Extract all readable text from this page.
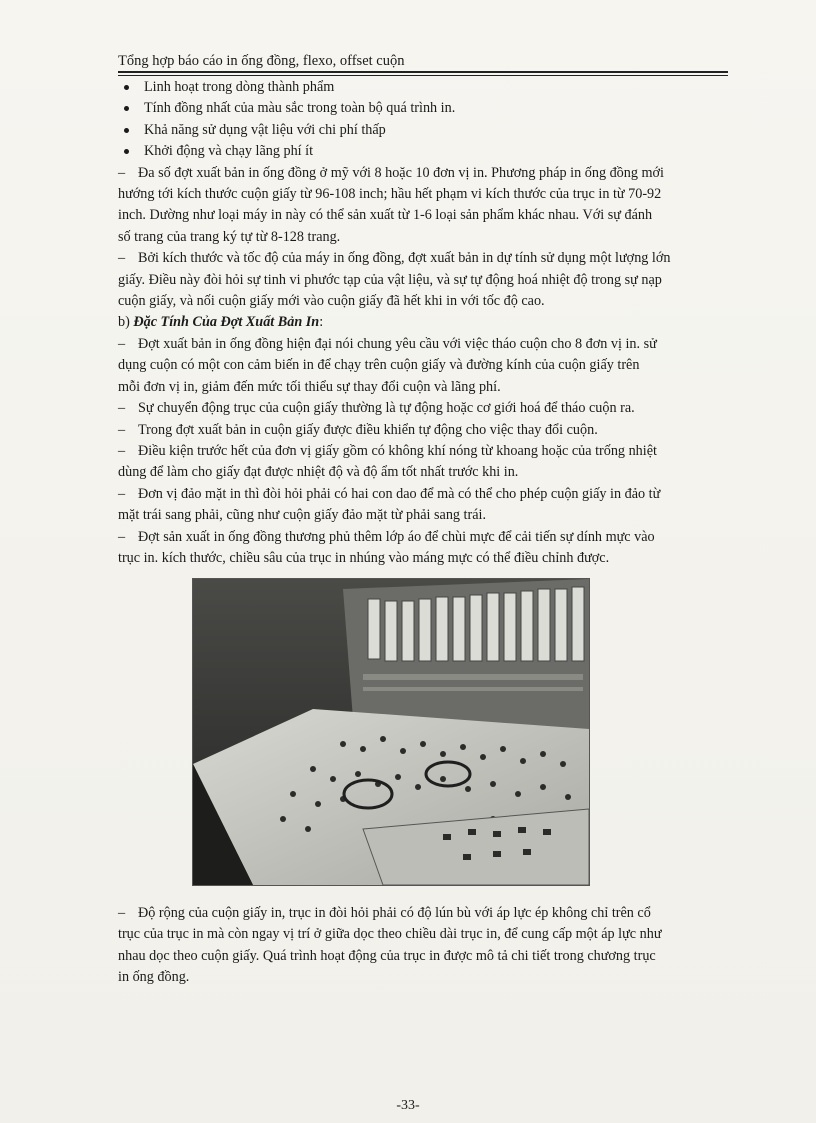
Tổng hợp báo cáo in ống đồng, flexo, offset cuộn
Linh hoạt trong dòng thành phẩm
Tính đồng nhất của màu sắc trong toàn bộ quá trình in.
Khả năng sử dụng vật liệu với chi phí thấp
Khởi động và chạy lãng phí ít
– Đa số đợt xuất bản in ống đồng ở mỹ với 8 hoặc 10 đơn vị in. Phương pháp in ống đồng mới
hướng tới kích thước cuộn giấy từ 96-108 inch; hầu hết phạm vi kích thước của trục in từ 70-92
inch. Dường như loại máy in này có thể sản xuất từ 1-6 loại sản phẩm khác nhau. Với sự đánh
số trang của trang ký tự từ 8-128 trang.
– Bởi kích thước và tốc độ của máy in ống đồng, đợt xuất bản in dự tính sử dụng một lượng lớn
giấy. Điều này đòi hỏi sự tinh vi phước tạp của vật liệu, và sự tự động hoá nhiệt độ trong sự nạp
cuộn giấy, và nối cuộn giấy mới vào cuộn giấy đã hết khi in với tốc độ cao.
b) Đặc Tính Của Đợt Xuất Bản In:
– Đợt xuất bản in ống đồng hiện đại nói chung yêu cầu với việc tháo cuộn cho 8 đơn vị in. sử
dụng cuộn có một con cảm biến in để chạy trên cuộn giấy và đường kính của cuộn giấy trên
mỗi đơn vị in, giảm đến mức tối thiểu sự thay đổi cuộn và lãng phí.
– Sự chuyển động trục của cuộn giấy thường là tự động hoặc cơ giới hoá để tháo cuộn ra.
– Trong đợt xuất bản in cuộn giấy được điều khiển tự động cho việc thay đổi cuộn.
– Điều kiện trước hết của đơn vị giấy gồm có không khí nóng từ khoang hoặc của trống nhiệt
dùng để làm cho giấy đạt được nhiệt độ và độ ẩm tốt nhất trước khi in.
– Đơn vị đảo mặt in thì đòi hỏi phải có hai con dao để mà có thể cho phép cuộn giấy in đảo từ
mặt trái sang phải, cũng như cuộn giấy đảo mặt từ phải sang trái.
– Đợt sản xuất in ống đồng thương phủ thêm lớp áo để chùi mực để cải tiến sự dính mực vào
trục in. kích thước, chiều sâu của trục in nhúng vào máng mực có thể điều chỉnh được.
– Độ rộng của cuộn giấy in, trục in đòi hỏi phải có độ lún bù với áp lực ép không chỉ trên cổ
trục của trục in mà còn ngay vị trí ở giữa dọc theo chiều dài trục in, để cung cấp một áp lực như
nhau dọc theo cuộn giấy. Quá trình hoạt động của trục in được mô tả chi tiết trong chương trục
in ống đồng.
-33-
